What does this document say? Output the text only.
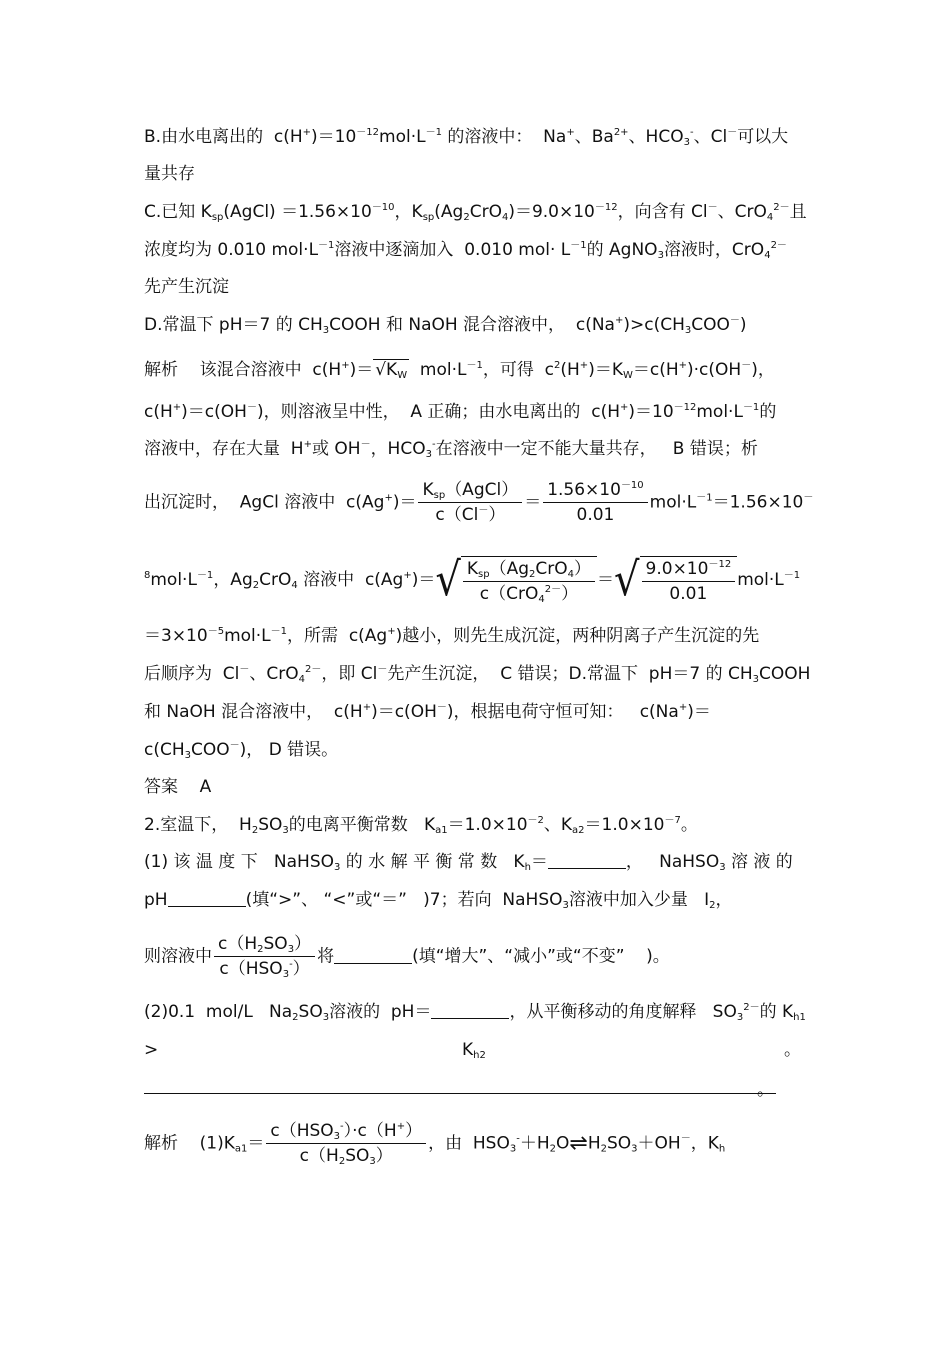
B.由水电离出的  $c(H^+)=10^{-12}mol\cdot L^{-1}$ 的溶液中：  Na+、$Ba^{2+}$、$HCO_3^-$、Cl－可以大
量共存
C.已知 $K_{sp}(AgCl) =1.56\times 10^{-10}$，$K_{sp}(Ag_2CrO_4)=9.0\times 10^{-12}$，向含有 Cl－、CrO$_4^{2-}$且
浓度均为 0.010 $mol\cdot L^{-1}$溶液中逐滴加入  0.010 $mol\cdot L^{-1}$的 AgNO$_3$溶液时，CrO$_4^{2-}$
先产生沉淀
D.常温下 pH＝7 的 $CH_3COOH$ 和 NaOH 混合溶液中，  $c(Na^+)>c(CH_3COO^-)$
解析    该混合溶液中  $c(H^+)= √K_W$  $mol\cdot L^{-1}$，可得  $c^2(H^+)=K_W=c(H^+)\cdot c(OH^-)$，
c(H+)＝c(OH－)，则溶液呈中性，  A 正确；由水电离出的  $c(H^+)=10^{-12}mol\cdot L^{-1}$的
溶液中，存在大量  H+或 OH－，$HCO_3^-$在溶液中一定不能大量共存，   B 错误；析
出沉淀时，  AgCl 溶液中  $c(Ag^+)= \frac{K_{sp}(AgCl)}{c(Cl^-)} = \frac{1.56\times 10^{-10}}{0.01} mol\cdot L^{-1}=1.56\times 10^-$
$^8mol\cdot L^{-1}$，$Ag_2CrO_4$ 溶液中  $c(Ag^+)=√ \frac{K_{sp}(Ag_2CrO_4)}{c(CrO_4^{2-})}$ ＝√ $\frac{9.0\times 10^{-12}}{0.01} mol\cdot L^{-1}$
$=3\times 10^{-5}mol\cdot L^{-1}$，所需  c(Ag+)越小，则先生成沉淀，两种阴离子产生沉淀的先
后顺序为  Cl－、CrO$_4^{2-}$，即 Cl－先产生沉淀，  C 错误；D.常温下  pH＝7 的 $CH_3COOH$
和 NaOH 混合溶液中，  c(H+)＝c(OH－)，根据电荷守恒可知：   c(Na+)＝
$c(CH_3COO^-)$， D 错误。
答案    A
2.室温下，  $H_2SO_3$的电离平衡常数   $K_{a1}=1.0\times 10^{-2}$、$K_{a2}=1.0\times 10^{-7}$。
(1) 该 温 度 下   NaHSO$_3$ 的 水 解 平 衡 常 数   $K_h=$	，   NaHSO$_3$ 溶 液 的
pH	(填“>”、 “<”或“＝”   )7；若向  NaHSO$_3$溶液中加入少量   $I_2$，
则溶液中 $\frac{c(H_2SO_3)}{c(HSO_3^-)}$ 将	(填“增大”、“减小”或“不变”    )。
(2)0.1  mol/L   $Na_2SO_3$溶液的  pH＝	，从平衡移动的角度解释   $SO_3^{2-}$的 $K_{h1}$
>	$K_{h2}$	。
。
解析    $(1)K_{a1}= \frac{c(HSO_3^-)\cdot c(H^+)}{c(H_2SO_3)}$ ，由  $HSO_3^-+H_2O\rightleftharpoons H_2SO_3+OH^-$，$K_h$
